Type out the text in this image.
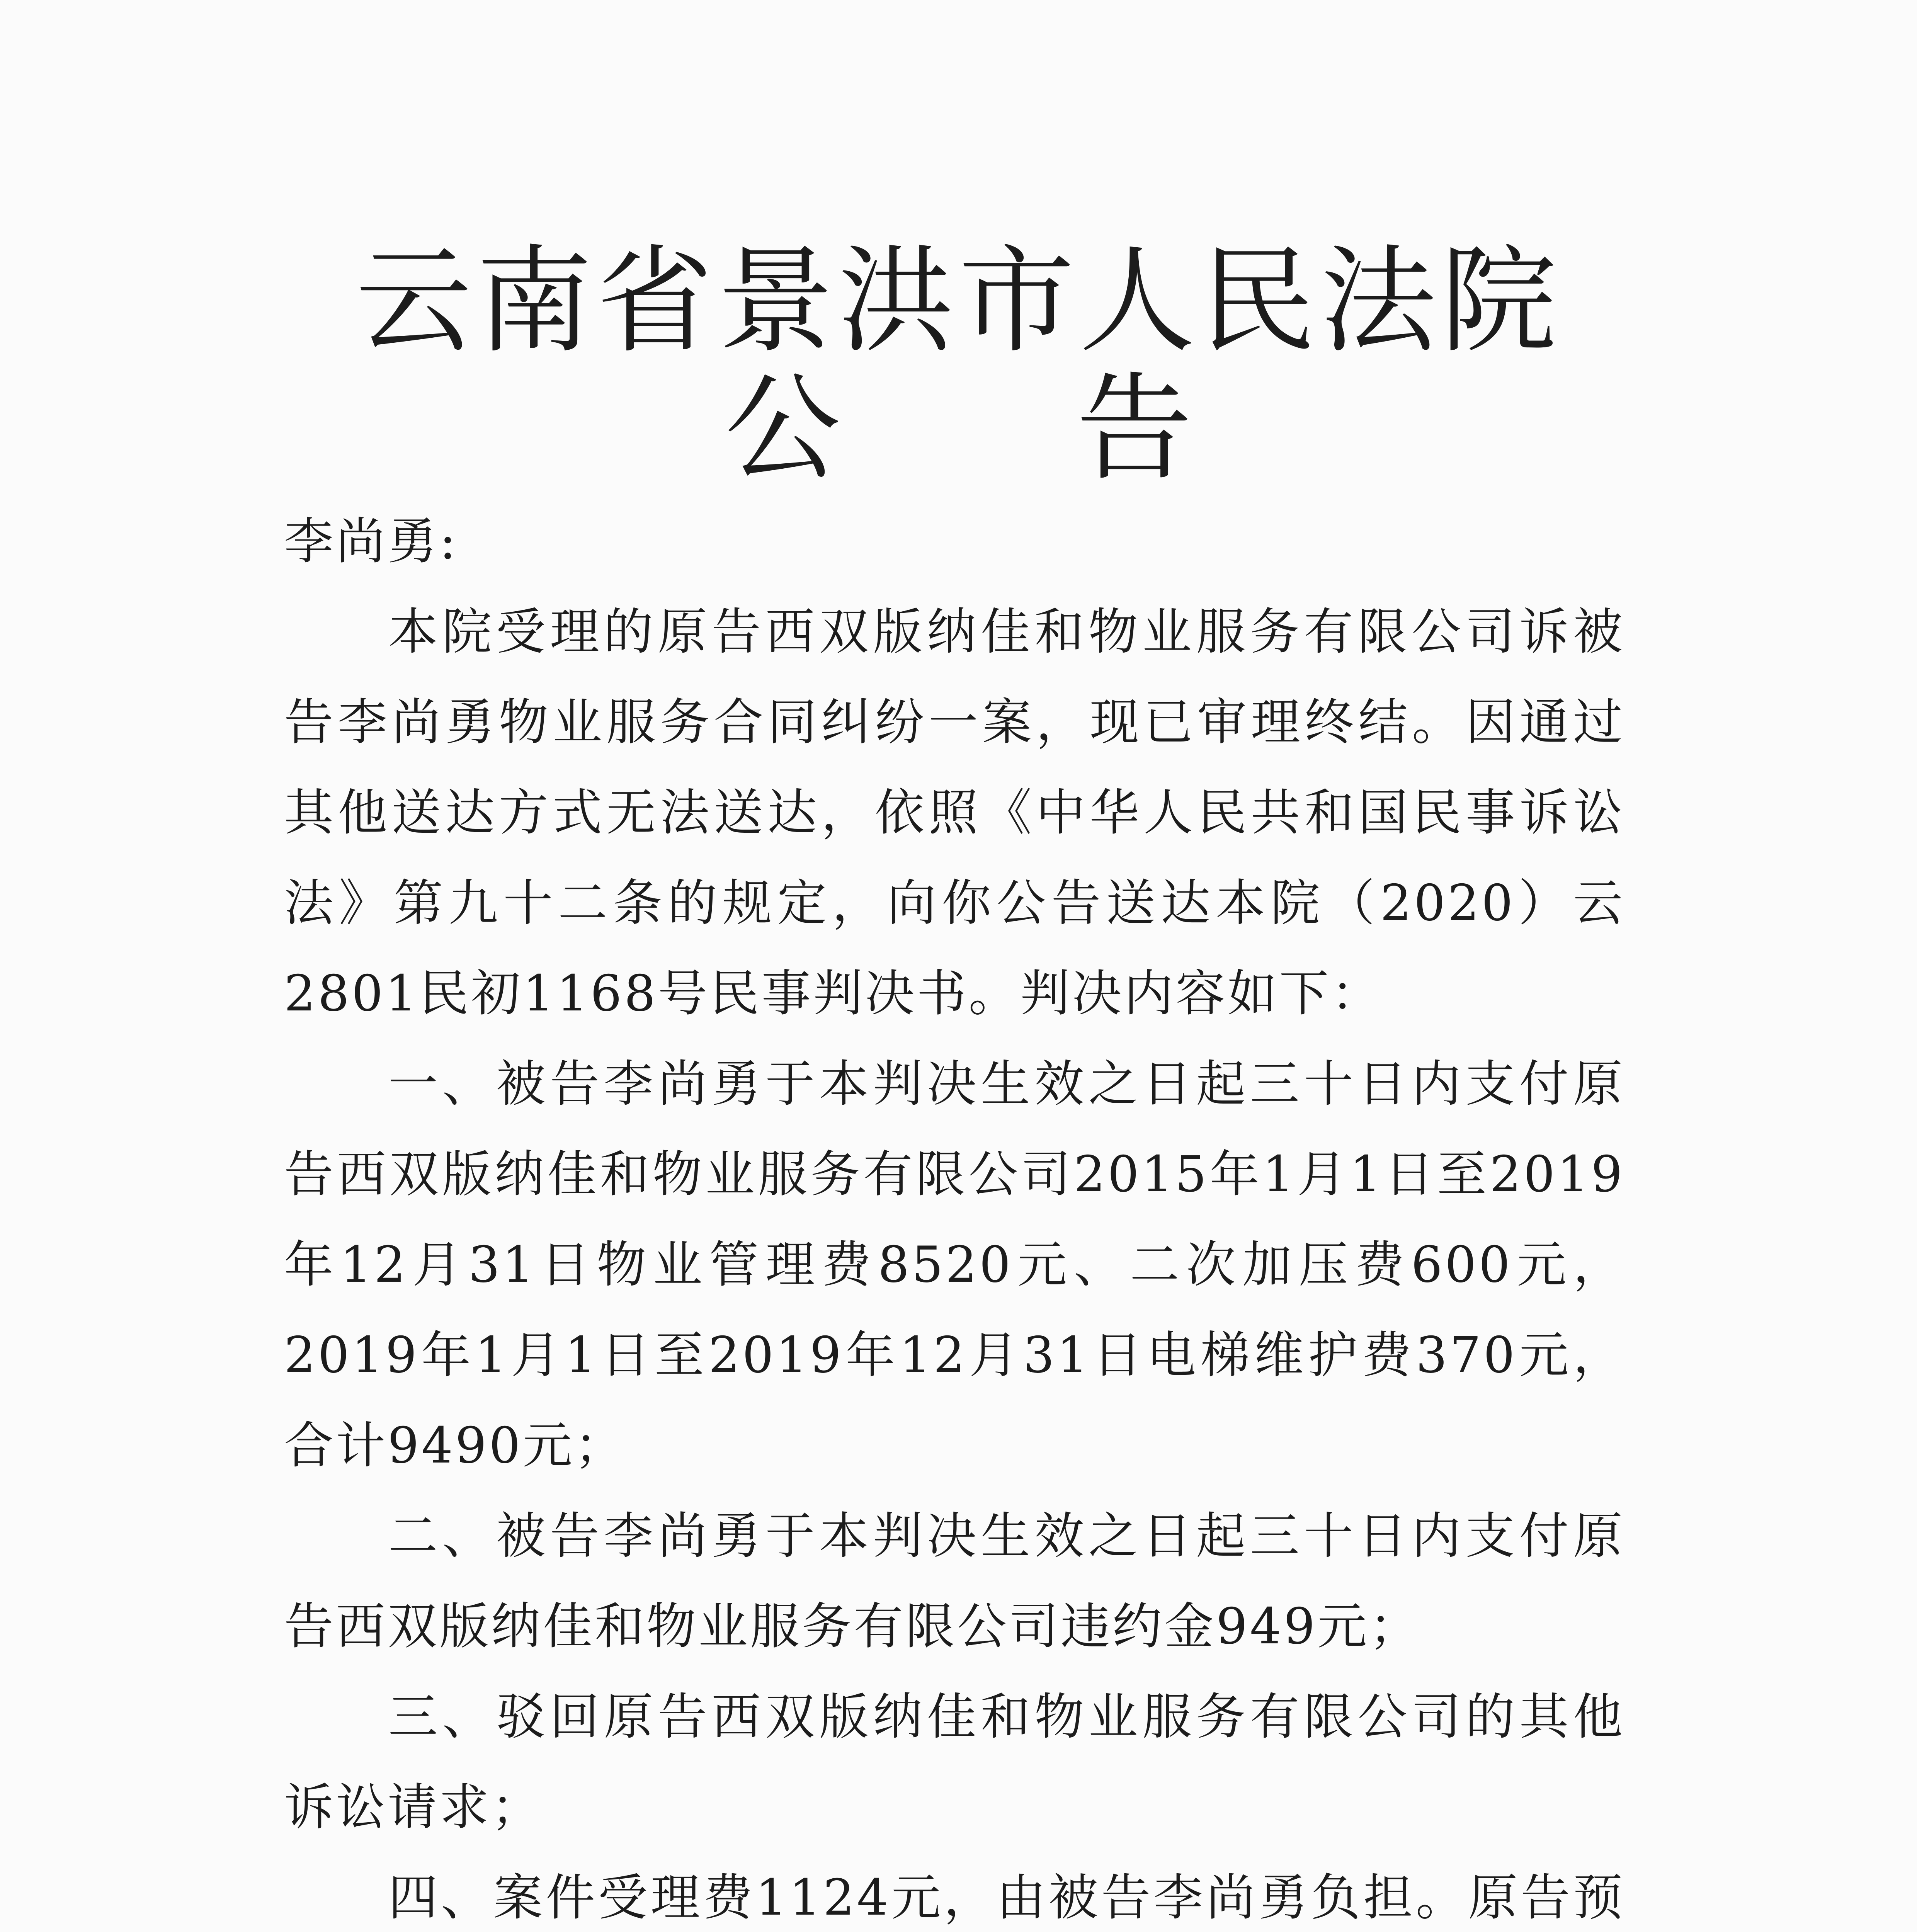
云南省景洪市人民法院
公告

李尚勇:

本院受理的原告西双版纳佳和物业服务有限公司诉被告李尚勇物业服务合同纠纷一案，现已审理终结。因通过其他送达方式无法送达，依照《中华人民共和国民事诉讼法》第九十二条的规定，向你公告送达本院（2020）云2801民初1168号民事判决书。判决内容如下：

一、被告李尚勇于本判决生效之日起三十日内支付原告西双版纳佳和物业服务有限公司2015年1月1日至2019年12月31日物业管理费8520元、二次加压费600元，2019年1月1日至2019年12月31日电梯维护费370元，合计9490元；

二、被告李尚勇于本判决生效之日起三十日内支付原告西双版纳佳和物业服务有限公司违约金949元；

三、驳回原告西双版纳佳和物业服务有限公司的其他诉讼请求；

四、案件受理费1124元，由被告李尚勇负担。原告预
